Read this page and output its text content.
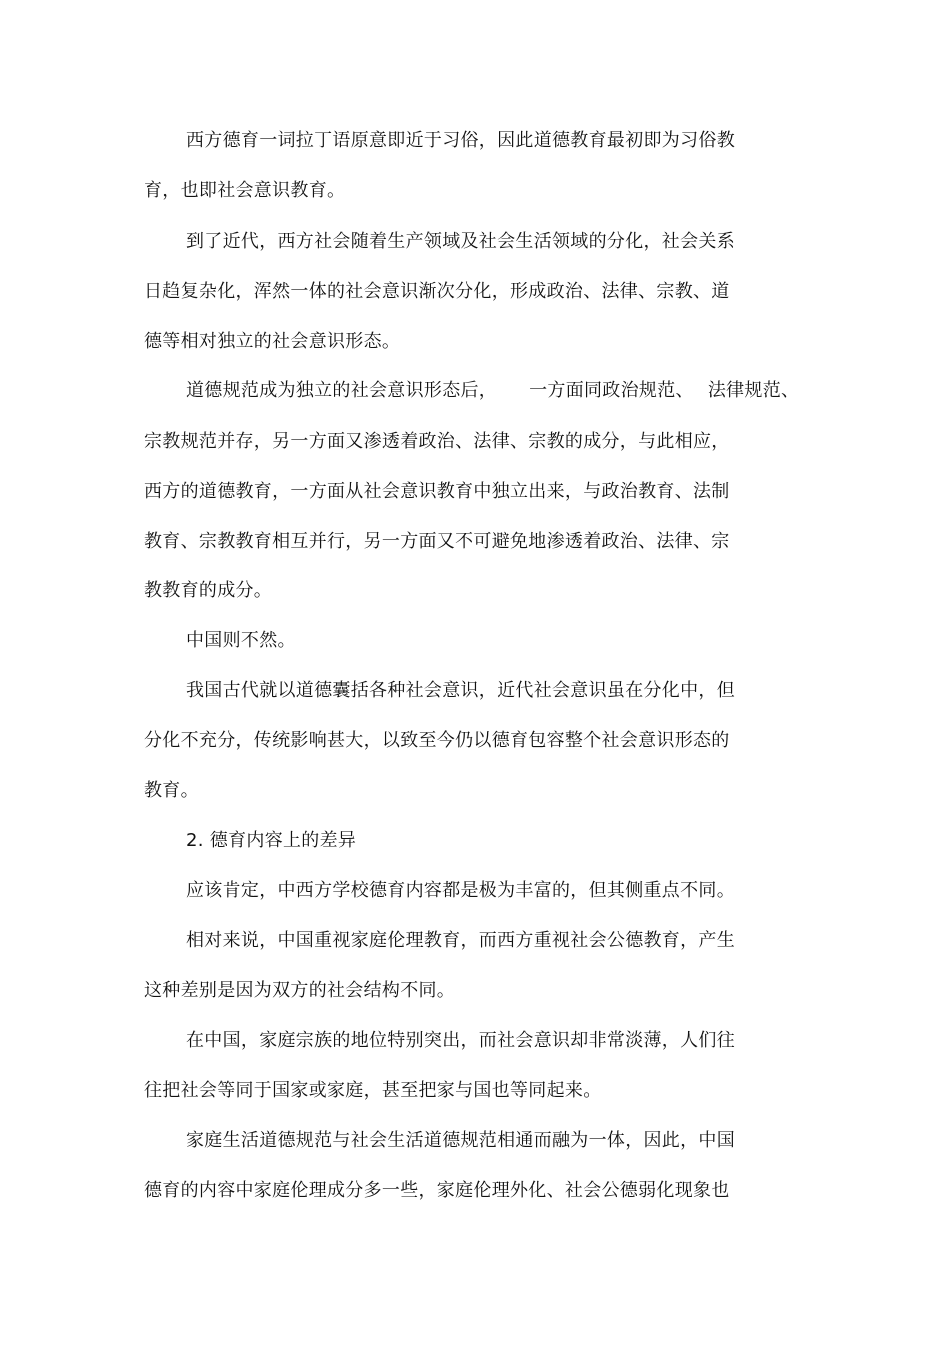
西方德育一词拉丁语原意即近于习俗，因此道德教育最初即为习俗教
育，也即社会意识教育。
到了近代，西方社会随着生产领域及社会生活领域的分化，社会关系
日趋复杂化，浑然一体的社会意识渐次分化，形成政治、法律、宗教、道
德等相对独立的社会意识形态。
道德规范成为独立的社会意识形态后， 一方面同政治规范、 法律规范、
宗教规范并存，另一方面又渗透着政治、法律、宗教的成分，与此相应，
西方的道德教育，一方面从社会意识教育中独立出来，与政治教育、法制
教育、宗教教育相互并行，另一方面又不可避免地渗透着政治、法律、宗
教教育的成分。
中国则不然。
我国古代就以道德囊括各种社会意识，近代社会意识虽在分化中，但
分化不充分，传统影响甚大，以致至今仍以德育包容整个社会意识形态的
教育。
2. 德育内容上的差异
应该肯定，中西方学校德育内容都是极为丰富的，但其侧重点不同。
相对来说，中国重视家庭伦理教育，而西方重视社会公德教育，产生
这种差别是因为双方的社会结构不同。
在中国，家庭宗族的地位特别突出，而社会意识却非常淡薄，人们往
往把社会等同于国家或家庭，甚至把家与国也等同起来。
家庭生活道德规范与社会生活道德规范相通而融为一体，因此，中国
德育的内容中家庭伦理成分多一些，家庭伦理外化、社会公德弱化现象也
